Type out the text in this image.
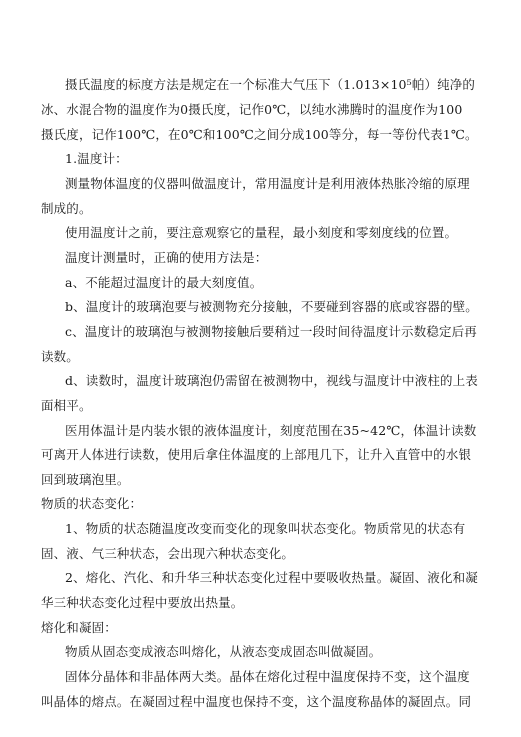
摄氏温度的标度方法是规定在一个标准大气压下（1.013×10⁵帕）纯净的
冰、水混合物的温度作为0摄氏度，记作0℃，以纯水沸腾时的温度作为100
摄氏度，记作100℃，在0℃和100℃之间分成100等分，每一等份代表1℃。
1.温度计：
测量物体温度的仪器叫做温度计，常用温度计是利用液体热胀冷缩的原理
制成的。
使用温度计之前，要注意观察它的量程，最小刻度和零刻度线的位置。
温度计测量时，正确的使用方法是：
a、不能超过温度计的最大刻度值。
b、温度计的玻璃泡要与被测物充分接触，不要碰到容器的底或容器的壁。
c、温度计的玻璃泡与被测物接触后要稍过一段时间待温度计示数稳定后再
读数。
d、读数时，温度计玻璃泡仍需留在被测物中，视线与温度计中液柱的上表
面相平。
医用体温计是内装水银的液体温度计，刻度范围在35~42℃，体温计读数
可离开人体进行读数，使用后拿住体温度的上部甩几下，让升入直管中的水银
回到玻璃泡里。
物质的状态变化：
1、物质的状态随温度改变而变化的现象叫状态变化。物质常见的状态有
固、液、气三种状态，会出现六种状态变化。
2、熔化、汽化、和升华三种状态变化过程中要吸收热量。凝固、液化和凝
华三种状态变化过程中要放出热量。
熔化和凝固：
物质从固态变成液态叫熔化，从液态变成固态叫做凝固。
固体分晶体和非晶体两大类。晶体在熔化过程中温度保持不变，这个温度
叫晶体的熔点。在凝固过程中温度也保持不变，这个温度称晶体的凝固点。同
